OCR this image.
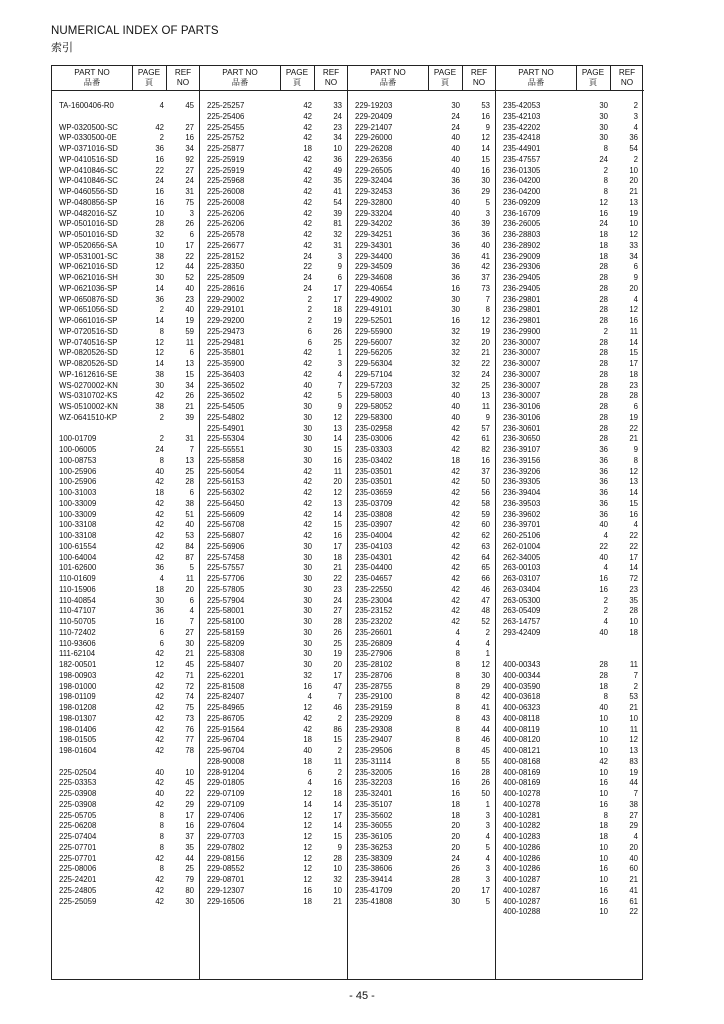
NUMERICAL INDEX OF PARTS
索引
PART NO
品番
PAGE
頁
REF
NO
TA-1600406-R0	4	45
WP-0320500-SC	42	27
WP-0330500-0E	2	16
WP-0371016-SD	36	34
WP-0410516-SD	16	92
WP-0410846-SC	22	27
WP-0410846-SC	24	24
WP-0460556-SD	16	31
WP-0480856-SP	16	75
WP-0482016-SZ	10	3
WP-0501016-SD	28	26
WP-0501016-SD	32	6
WP-0520656-SA	10	17
WP-0531001-SC	38	22
WP-0621016-SD	12	44
WP-0621016-SH	30	52
WP-0621036-SP	14	40
WP-0650876-SD	36	23
WP-0651056-SD	2	40
WP-0661016-SP	14	19
WP-0720516-SD	8	59
WP-0740516-SP	12	11
WP-0820526-SD	12	6
WP-0820526-SD	14	13
WP-1612616-SE	38	15
WS-0270002-KN	30	34
WS-0310702-KS	42	26
WS-0510002-KN	38	21
WZ-0641510-KP	2	39
100-01709	2	31
100-06005	24	7
100-08753	8	13
100-25906	40	25
100-25906	42	28
100-31003	18	6
100-33009	42	38
100-33009	42	51
100-33108	42	40
100-33108	42	53
100-61554	42	84
100-64004	42	87
101-62600	36	5
110-01609	4	11
110-15906	18	20
110-40854	30	6
110-47107	36	4
110-50705	16	7
110-72402	6	27
110-93606	6	30
111-62104	42	21
182-00501	12	45
198-00903	42	71
198-01000	42	72
198-01109	42	74
198-01208	42	75
198-01307	42	73
198-01406	42	76
198-01505	42	77
198-01604	42	78
225-02504	40	10
225-03353	42	45
225-03908	40	22
225-03908	42	29
225-05705	8	17
225-06208	8	16
225-07404	8	37
225-07701	8	35
225-07701	42	44
225-08006	8	25
225-24201	42	79
225-24805	42	80
225-25059	42	30
PART NO
品番
PAGE
頁
REF
NO
225-25257	42	33
225-25406	42	24
225-25455	42	23
225-25752	42	34
225-25877	18	10
225-25919	42	36
225-25919	42	49
225-25968	42	35
225-26008	42	41
225-26008	42	54
225-26206	42	39
225-26206	42	81
225-26578	42	32
225-26677	42	31
225-28152	24	3
225-28350	22	9
225-28509	24	6
225-28616	24	17
229-29002	2	17
229-29101	2	18
229-29200	2	19
225-29473	6	26
225-29481	6	25
225-35801	42	1
225-35900	42	3
225-36403	42	4
225-36502	40	7
225-36502	42	5
225-54505	30	9
225-54802	30	12
225-54901	30	13
225-55304	30	14
225-55551	30	15
225-55858	30	16
225-56054	42	11
225-56153	42	20
225-56302	42	12
225-56450	42	13
225-56609	42	14
225-56708	42	15
225-56807	42	16
225-56906	30	17
225-57458	30	18
225-57557	30	21
225-57706	30	22
225-57805	30	23
225-57904	30	24
225-58001	30	27
225-58100	30	28
225-58159	30	26
225-58209	30	25
225-58308	30	19
225-58407	30	20
225-62201	32	17
225-81508	16	47
225-82407	4	7
225-84965	12	46
225-86705	42	2
225-91564	42	86
225-96704	18	15
225-96704	40	2
228-90008	18	11
228-91204	6	2
229-01805	4	16
229-07109	12	18
229-07109	14	14
229-07406	12	17
229-07604	12	14
229-07703	12	15
229-07802	12	9
229-08156	12	28
229-08552	12	10
229-08701	12	32
229-12307	16	10
229-16506	18	21
PART NO
品番
PAGE
頁
REF
NO
229-19203	30	53
229-20409	24	16
229-21407	24	9
229-26000	40	12
229-26208	40	14
229-26356	40	15
229-26505	40	16
229-32404	36	30
229-32453	36	29
229-32800	40	5
229-33204	40	3
229-34202	36	39
229-34251	36	36
229-34301	36	40
229-34400	36	41
229-34509	36	42
229-34608	36	37
229-40654	16	73
229-49002	30	7
229-49101	30	8
229-52501	16	12
229-55900	32	19
229-56007	32	20
229-56205	32	21
229-56304	32	22
229-57104	32	24
229-57203	32	25
229-58003	40	13
229-58052	40	11
229-58300	40	9
235-02958	42	57
235-03006	42	61
235-03303	42	82
235-03402	18	16
235-03501	42	37
235-03501	42	50
235-03659	42	56
235-03709	42	58
235-03808	42	59
235-03907	42	60
235-04004	42	62
235-04103	42	63
235-04301	42	64
235-04400	42	65
235-04657	42	66
235-22550	42	46
235-23004	42	47
235-23152	42	48
235-23202	42	52
235-26601	4	2
235-26809	4	4
235-27906	8	1
235-28102	8	12
235-28706	8	30
235-28755	8	29
235-29100	8	42
235-29159	8	41
235-29209	8	43
235-29308	8	44
235-29407	8	46
235-29506	8	45
235-31114	8	55
235-32005	16	28
235-32203	16	26
235-32401	16	50
235-35107	18	1
235-35602	18	3
235-36055	20	3
235-36105	20	4
235-36253	20	5
235-38309	24	4
235-38606	26	3
235-39414	28	3
235-41709	20	17
235-41808	30	5
PART NO
品番
PAGE
頁
REF
NO
235-42053	30	2
235-42103	30	3
235-42202	30	4
235-42418	30	36
235-44901	8	54
235-47557	24	2
236-01305	2	10
236-04200	8	20
236-04200	8	21
236-09209	12	13
236-16709	16	19
236-26005	24	10
236-28803	18	12
236-28902	18	33
236-29009	18	34
236-29306	28	6
236-29405	28	9
236-29405	28	20
236-29801	28	4
236-29801	28	12
236-29801	28	16
236-29900	2	11
236-30007	28	14
236-30007	28	15
236-30007	28	17
236-30007	28	18
236-30007	28	23
236-30007	28	28
236-30106	28	6
236-30106	28	19
236-30601	28	22
236-30650	28	21
236-39107	36	9
236-39156	36	8
236-39206	36	12
236-39305	36	13
236-39404	36	14
236-39503	36	15
236-39602	36	16
236-39701	40	4
260-25106	4	22
262-01004	22	22
262-34005	40	17
263-00103	4	14
263-03107	16	72
263-03404	16	23
263-05300	2	35
263-05409	2	28
263-14757	4	10
293-42409	40	18
400-00343	28	11
400-00344	28	7
400-03590	18	2
400-03618	8	53
400-06323	40	21
400-08118	10	10
400-08119	10	11
400-08120	10	12
400-08121	10	13
400-08168	42	83
400-08169	10	19
400-08169	16	44
400-10278	10	7
400-10278	16	38
400-10281	8	27
400-10282	18	29
400-10283	18	4
400-10286	10	20
400-10286	10	40
400-10286	16	60
400-10287	10	21
400-10287	16	41
400-10287	16	61
400-10288	10	22
- 45 -
